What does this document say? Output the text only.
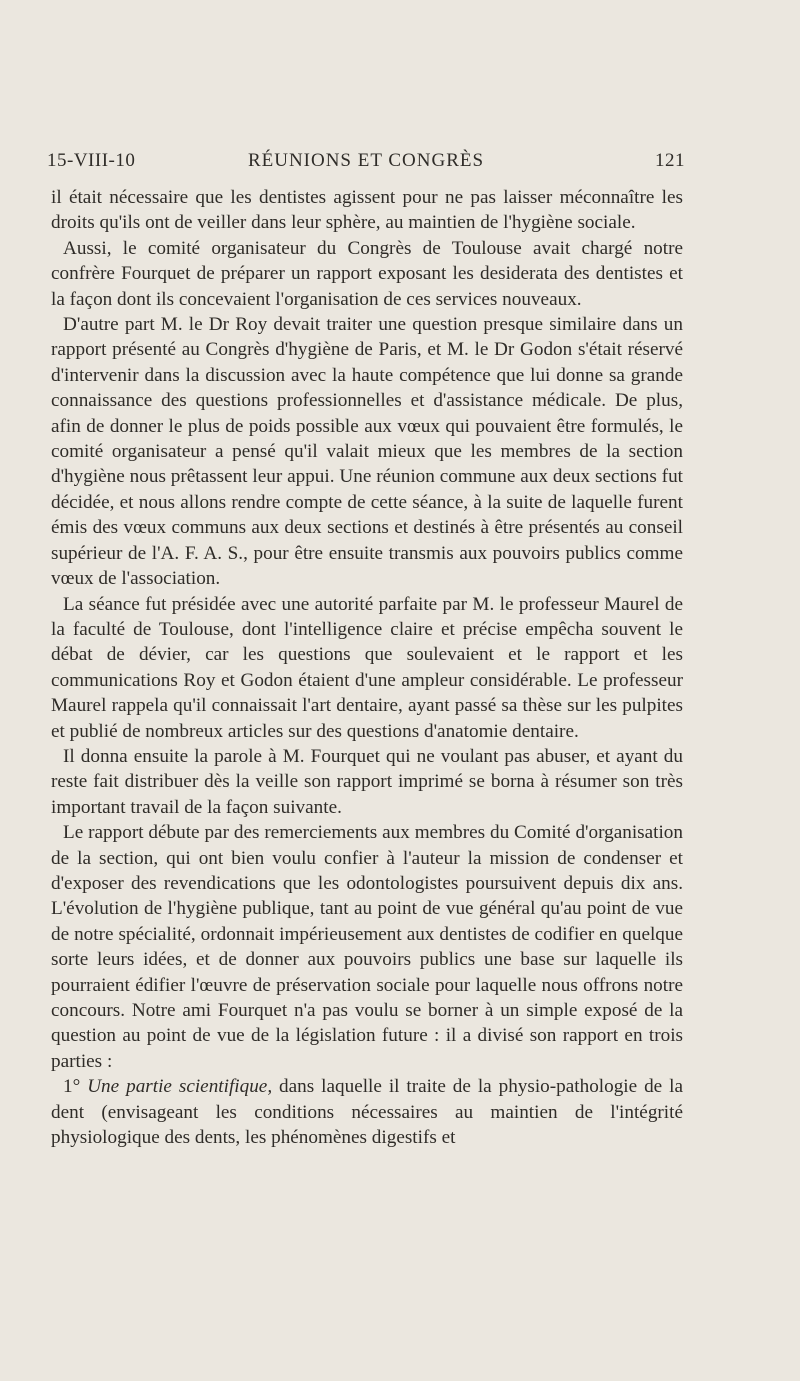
15-VIII-10	RÉUNIONS ET CONGRÈS	121

il était nécessaire que les dentistes agissent pour ne pas laisser méconnaître les droits qu'ils ont de veiller dans leur sphère, au maintien de l'hygiène sociale.

Aussi, le comité organisateur du Congrès de Toulouse avait chargé notre confrère Fourquet de préparer un rapport exposant les desiderata des dentistes et la façon dont ils concevaient l'organisation de ces services nouveaux.

D'autre part M. le Dr Roy devait traiter une question presque similaire dans un rapport présenté au Congrès d'hygiène de Paris, et M. le Dr Godon s'était réservé d'intervenir dans la discussion avec la haute compétence que lui donne sa grande connaissance des questions professionnelles et d'assistance médicale. De plus, afin de donner le plus de poids possible aux vœux qui pouvaient être formulés, le comité organisateur a pensé qu'il valait mieux que les membres de la section d'hygiène nous prêtassent leur appui. Une réunion commune aux deux sections fut décidée, et nous allons rendre compte de cette séance, à la suite de laquelle furent émis des vœux communs aux deux sections et destinés à être présentés au conseil supérieur de l'A. F. A. S., pour être ensuite transmis aux pouvoirs publics comme vœux de l'association.

La séance fut présidée avec une autorité parfaite par M. le professeur Maurel de la faculté de Toulouse, dont l'intelligence claire et précise empêcha souvent le débat de dévier, car les questions que soulevaient et le rapport et les communications Roy et Godon étaient d'une ampleur considérable. Le professeur Maurel rappela qu'il connaissait l'art dentaire, ayant passé sa thèse sur les pulpites et publié de nombreux articles sur des questions d'anatomie dentaire.

Il donna ensuite la parole à M. Fourquet qui ne voulant pas abuser, et ayant du reste fait distribuer dès la veille son rapport imprimé se borna à résumer son très important travail de la façon suivante.

Le rapport débute par des remerciements aux membres du Comité d'organisation de la section, qui ont bien voulu confier à l'auteur la mission de condenser et d'exposer des revendications que les odontologistes poursuivent depuis dix ans. L'évolution de l'hygiène publique, tant au point de vue général qu'au point de vue de notre spécialité, ordonnait impérieusement aux dentistes de codifier en quelque sorte leurs idées, et de donner aux pouvoirs publics une base sur laquelle ils pourraient édifier l'œuvre de préservation sociale pour laquelle nous offrons notre concours. Notre ami Fourquet n'a pas voulu se borner à un simple exposé de la question au point de vue de la législation future : il a divisé son rapport en trois parties :

1° Une partie scientifique, dans laquelle il traite de la physio-pathologie de la dent (envisageant les conditions nécessaires au maintien de l'intégrité physiologique des dents, les phénomènes digestifs et
